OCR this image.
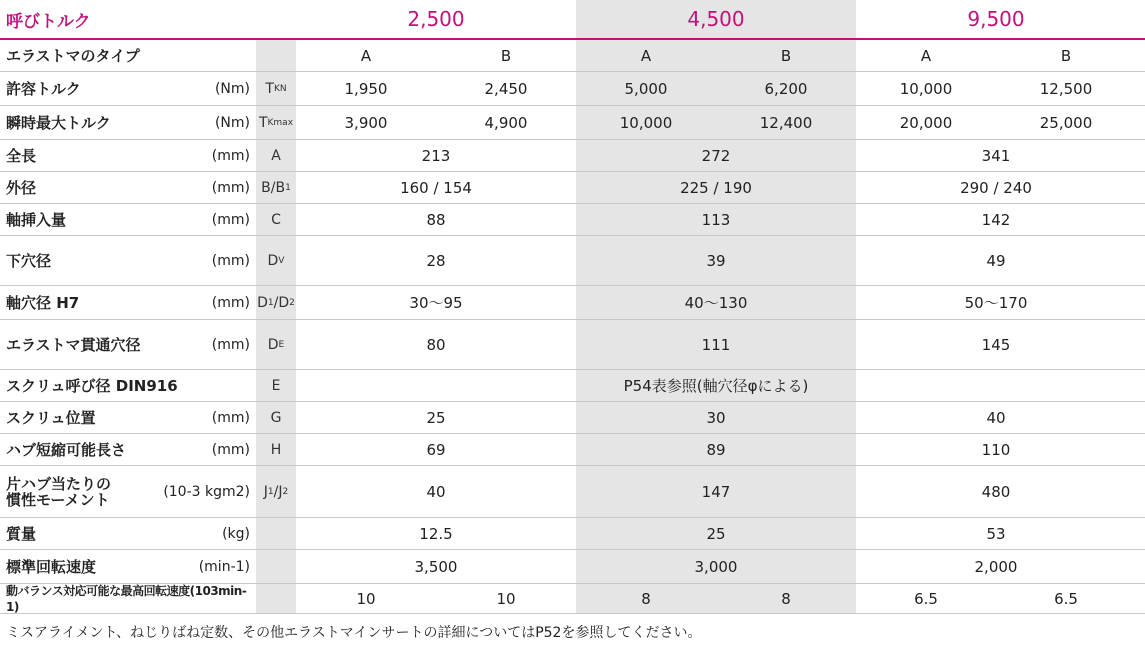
呼びトルク	2,500	4,500	9,500
エラストマのタイプ	A	B	A	B	A	B
許容トルク	(Nm) T KN	1,950	2,450	5,000	6,200	10,000	12,500
瞬時最大トルク	(Nm) T Kmax	3,900	4,900	10,000	12,400	20,000	25,000
全長	(mm) A	213	272	341
外径	(mm) B/B 1	160 / 154	225 / 190	290 / 240
軸挿入量	(mm) C	88	113	142
下穴径	(mm) D V	28	39	49
軸穴径 H7	(mm) D 1 /D 2	30～95	40～130	50～170
エラストマ貫通穴径	(mm) D E	80	111	145
スクリュ呼び径 DIN916	E	P54表参照(軸穴径φによる)
スクリュ位置	(mm) G	25	30	40
ハブ短縮可能長さ	(mm) H	69	89	110
片ハブ当たりの 慣性モーメント	(10-3 kgm2) J 1 /J 2	40	147	480
質量	(kg)	12.5	25	53
標準回転速度	(min-1)	3,500	3,000	2,000
動バランス対応可能な最高回転速度(103min-1)	10	10	8	8	6.5	6.5
ミスアライメント、ねじりばね定数、その他エラストマインサートの詳細についてはP52を参照してください。
